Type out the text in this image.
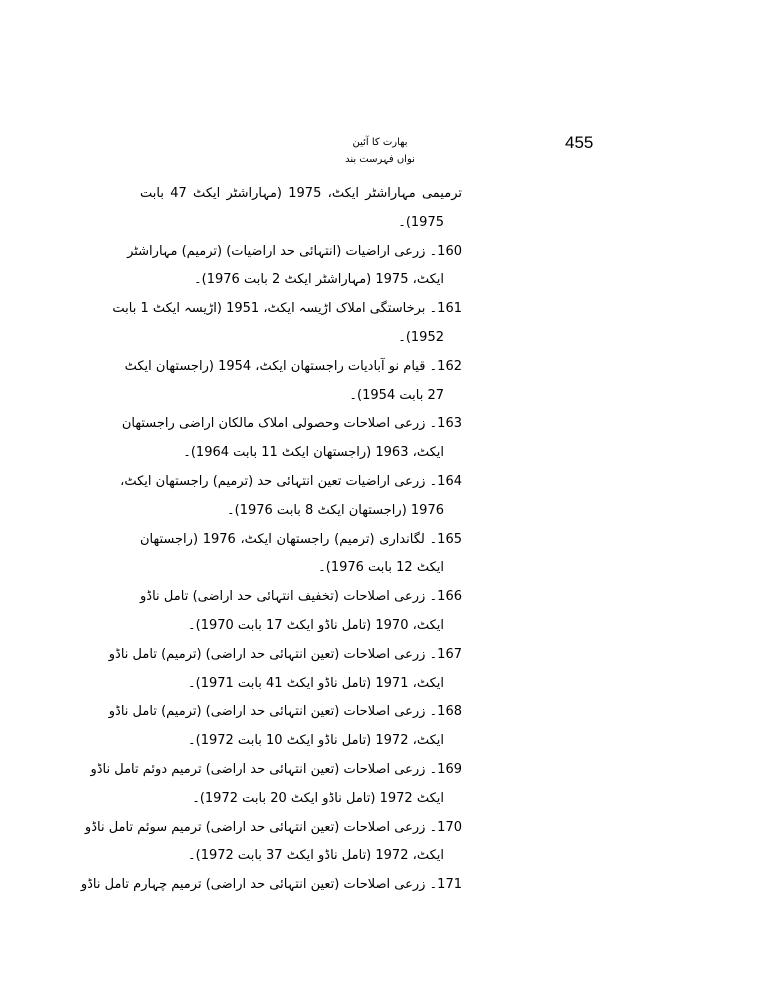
455
بھارت کا آئین
نواں فہرست بند
ترمیمی مہاراشٹر ایکٹ، 1975 (مہاراشٹر ایکٹ 47 بابت
1975)۔
160۔ زرعی اراضیات (انتہائی حد اراضیات) (ترمیم) مہاراشٹر
ایکٹ، 1975 (مہاراشٹر ایکٹ 2 بابت 1976)۔
161۔ برخاستگی املاک اڑیسہ ایکٹ، 1951 (اڑیسہ ایکٹ 1 بابت
1952)۔
162۔ قیام نو آبادیات راجستھان ایکٹ، 1954 (راجستھان ایکٹ
27 بابت 1954)۔
163۔ زرعی اصلاحات وحصولی املاک مالکان اراضی راجستھان
ایکٹ، 1963 (راجستھان ایکٹ 11 بابت 1964)۔
164۔ زرعی اراضیات تعین انتہائی حد (ترمیم) راجستھان ایکٹ،
1976 (راجستھان ایکٹ 8 بابت 1976)۔
165۔ لگانداری (ترمیم) راجستھان ایکٹ، 1976 (راجستھان
ایکٹ 12 بابت 1976)۔
166۔ زرعی اصلاحات (تخفیف انتہائی حد اراضی) تامل ناڈو
ایکٹ، 1970 (تامل ناڈو ایکٹ 17 بابت 1970)۔
167۔ زرعی اصلاحات (تعین انتہائی حد اراضی) (ترمیم) تامل ناڈو
ایکٹ، 1971 (تامل ناڈو ایکٹ 41 بابت 1971)۔
168۔ زرعی اصلاحات (تعین انتہائی حد اراضی) (ترمیم) تامل ناڈو
ایکٹ، 1972 (تامل ناڈو ایکٹ 10 بابت 1972)۔
169۔ زرعی اصلاحات (تعین انتہائی حد اراضی) ترمیم دوئم تامل ناڈو
ایکٹ 1972 (تامل ناڈو ایکٹ 20 بابت 1972)۔
170۔ زرعی اصلاحات (تعین انتہائی حد اراضی) ترمیم سوئم تامل ناڈو
ایکٹ، 1972 (تامل ناڈو ایکٹ 37 بابت 1972)۔
171۔ زرعی اصلاحات (تعین انتہائی حد اراضی) ترمیم چہارم تامل ناڈو
